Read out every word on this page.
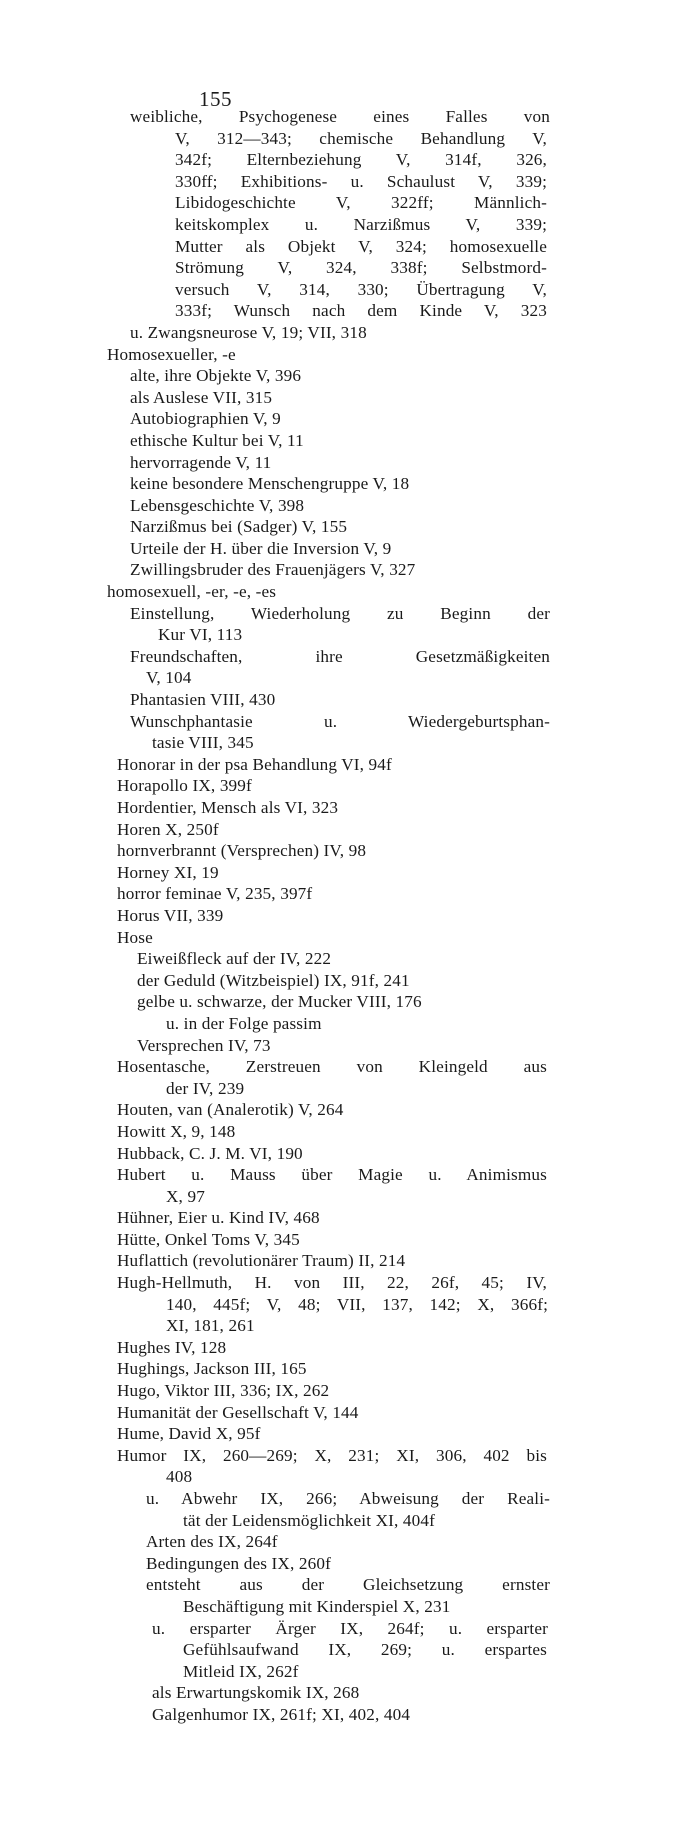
155
weibliche, Psychogenese eines Falles von
V, 312—343; chemische Behandlung V,
342f; Elternbeziehung V, 314f, 326,
330ff; Exhibitions- u. Schaulust V, 339;
Libidogeschichte V, 322ff; Männlich-
keitskomplex u. Narzißmus V, 339;
Mutter als Objekt V, 324; homosexuelle
Strömung V, 324, 338f; Selbstmord-
versuch V, 314, 330; Übertragung V,
333f; Wunsch nach dem Kinde V, 323
u. Zwangsneurose V, 19; VII, 318
Homosexueller, -e
alte, ihre Objekte V, 396
als Auslese VII, 315
Autobiographien V, 9
ethische Kultur bei V, 11
hervorragende V, 11
keine besondere Menschengruppe V, 18
Lebensgeschichte V, 398
Narzißmus bei (Sadger) V, 155
Urteile der H. über die Inversion V, 9
Zwillingsbruder des Frauenjägers V, 327
homosexuell, -er, -e, -es
Einstellung, Wiederholung zu Beginn der
Kur VI, 113
Freundschaften, ihre Gesetzmäßigkeiten
V, 104
Phantasien VIII, 430
Wunschphantasie u. Wiedergeburtsphan-
tasie VIII, 345
Honorar in der psa Behandlung VI, 94f
Horapollo IX, 399f
Hordentier, Mensch als VI, 323
Horen X, 250f
hornverbrannt (Versprechen) IV, 98
Horney XI, 19
horror feminae V, 235, 397f
Horus VII, 339
Hose
Eiweißfleck auf der IV, 222
der Geduld (Witzbeispiel) IX, 91f, 241
gelbe u. schwarze, der Mucker VIII, 176
u. in der Folge passim
Versprechen IV, 73
Hosentasche, Zerstreuen von Kleingeld aus
der IV, 239
Houten, van (Analerotik) V, 264
Howitt X, 9, 148
Hubback, C. J. M. VI, 190
Hubert u. Mauss über Magie u. Animismus
X, 97
Hühner, Eier u. Kind IV, 468
Hütte, Onkel Toms V, 345
Huflattich (revolutionärer Traum) II, 214
Hugh-Hellmuth, H. von III, 22, 26f, 45; IV,
140, 445f; V, 48; VII, 137, 142; X, 366f;
XI, 181, 261
Hughes IV, 128
Hughings, Jackson III, 165
Hugo, Viktor III, 336; IX, 262
Humanität der Gesellschaft V, 144
Hume, David X, 95f
Humor IX, 260—269; X, 231; XI, 306, 402 bis
408
u. Abwehr IX, 266; Abweisung der Reali-
tät der Leidensmöglichkeit XI, 404f
Arten des IX, 264f
Bedingungen des IX, 260f
entsteht aus der Gleichsetzung ernster
Beschäftigung mit Kinderspiel X, 231
u. ersparter Ärger IX, 264f; u. ersparter
Gefühlsaufwand IX, 269; u. erspartes
Mitleid IX, 262f
als Erwartungskomik IX, 268
Galgenhumor IX, 261f; XI, 402, 404
